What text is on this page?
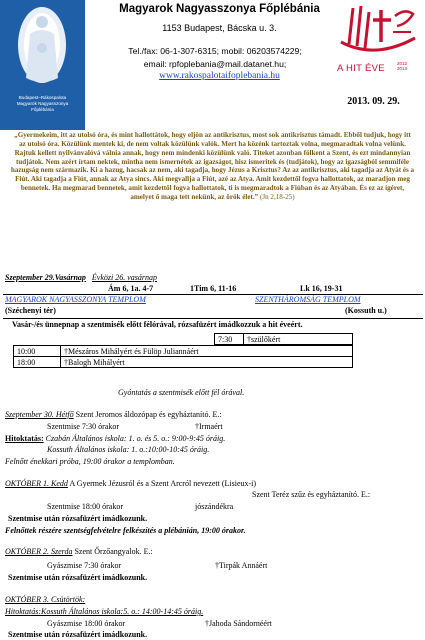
Budapest–Rákospalota
Magyarok Nagyasszonya
Főplébánia
Magyarok Nagyasszonya Főplébánia
1153 Budapest, Bácska u. 3.
Tel./fax: 06-1-307-6315; mobil: 06203574229;
email: rpfoplebania@mail.datanet.hu;
www.rakospalotaifoplebania.hu
A HIT ÉVE	2012
2013
2013. 09. 29.
„Gyermekeim, itt az utolsó óra, és mint hallottátok, hogy eljön az antikrisztus, most sok antikrisztus támadt. Ebből tudjuk, hogy itt az utolsó óra. Közülünk mentek ki, de nem voltak közülünk valók. Mert ha közénk tartoztak volna, megmaradtak volna velünk. Rajtuk kellett nyilvánvalóvá válnia annak, hogy nem mindenki közülünk való. Titeket azonban fölkent a Szent, és ezt mindannyian tudjátok. Nem azért írtam nektek, mintha nem ismernétek az igazságot, hisz ismeritek és (tudjátok), hogy az igazságból semmiféle hazugság nem származik. Ki a hazug, hacsak az nem, aki tagadja, hogy Jézus a Krisztus? Az az antikrisztus, aki tagadja az Atyát és a Fiút. Aki tagadja a Fiút, annak az Atya sincs. Aki megvallja a Fiút, azé az Atya. Amit kezdettől fogva hallottatok, az maradjon meg bennetek. Ha megmarad bennetek, amit kezdettől fogva hallottatok, ti is megmaradtok a Fiúban és az Atyában. És ez az ígéret, amelyet ő maga tett nekünk, az örök élet.” (Jn 2,18-25)
Szeptember 29.Vasárnap Évközi 26. vasárnap
Ám 6, 1a. 4-7	1Tim 6, 11-16	Lk 16, 19-31
MAGYAROK NAGYASSZONYA TEMPLOM	SZENTHÁROMSÁG TEMPLOM
(Széchenyi tér)	(Kossuth u.)
Vasár-/és ünnepnap a szentmisék előtt félórával, rózsafüzért imádkozzuk a hit éveért.
	7:30	†szülőkért
10:00	†Mészáros Mihályért és Fülöp Juliannáért
18:00	†Balogh Mihályért
Gyóntatás a szentmisék előtt fél órával.
Szeptember 30. Hétfő Szent Jeromos áldozópap és egyháztanító. E.:
Szentmise 7:30 órakor	†Irmaért
Hitoktatás: Czabán Általános iskola: 1. o. és 5. o.: 9:00-9:45 óráig.
Kossuth Általános iskola: 1. o.:10:00-10:45 óráig.
Felnőtt énekkari próba, 19:00 órakor a templomban.
OKTÓBER 1. Kedd A Gyermek Jézusról és a Szent Arcról nevezett (Lisieux-i)
Szent Teréz szűz és egyháztanító. E.:
Szentmise 18:00 órakor	jószándékra
Szentmise után rózsafüzért imádkozunk.
Felnőttek részére szentségfelvételre felkészítés a plébánián, 19:00 órakor.
OKTÓBER 2. Szerda Szent Őrzőangyalok. E.:
Gyászmise 7:30 órakor	†Tirpák Annáért
Szentmise után rózsafüzért imádkozunk.
OKTÓBER 3. Csütörtök:
Hitoktatás:Kossuth Általános iskola:5. o.: 14:00-14:45 óráig.
Gyászmise 18:00 órakor	†Jahoda Sándornéért
Szentmise után rózsafüzért imádkozunk.
